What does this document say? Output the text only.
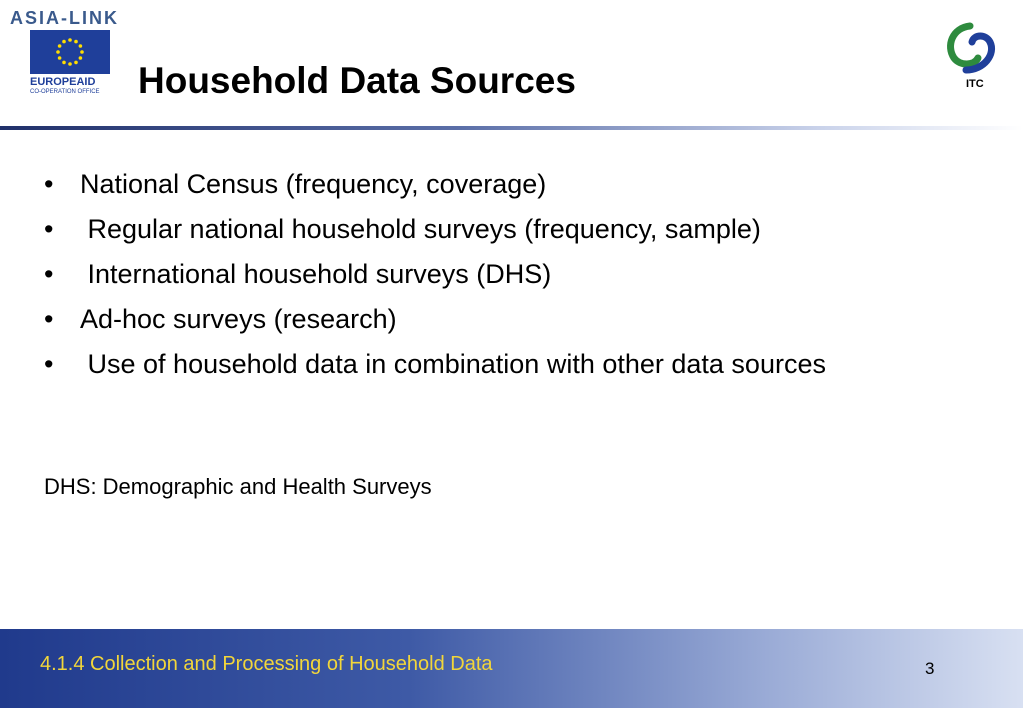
ASIA-LINK
EUROPEAID
CO-OPERATION OFFICE Household Data Sources	ITC
• National Census (frequency, coverage)
• Regular national household surveys (frequency, sample)
• International household surveys (DHS)
• Ad-hoc surveys (research)
• Use of household data in combination with other data sources
DHS: Demographic and Health Surveys
4.1.4 Collection and Processing of Household Data	3
